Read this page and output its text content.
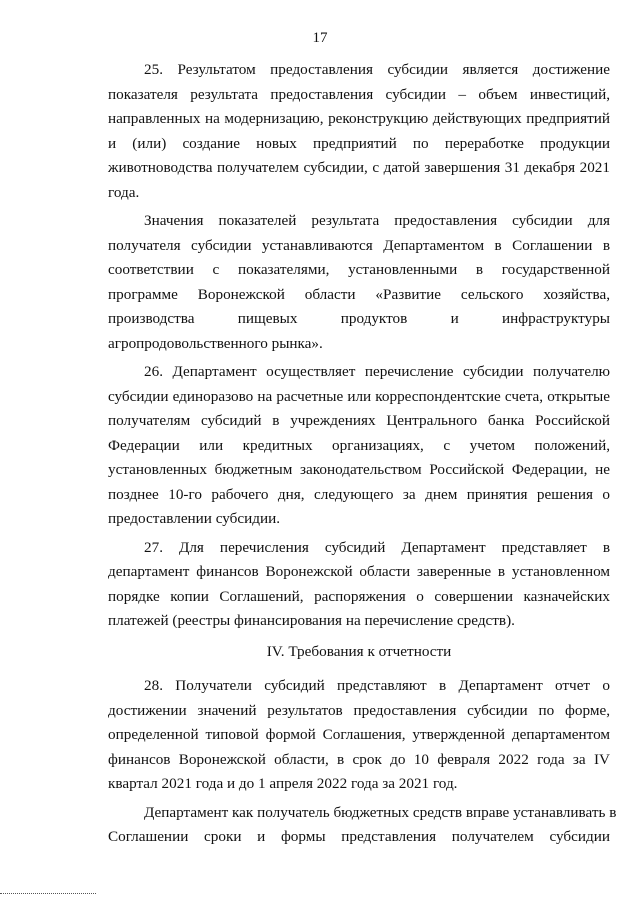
17
25. Результатом предоставления субсидии является достижение
показателя результата предоставления субсидии – объем инвестиций,
направленных на модернизацию, реконструкцию действующих предприятий
и (или) создание новых предприятий по переработке продукции
животноводства получателем субсидии, с датой завершения 31 декабря 2021
года.
Значения показателей результата предоставления субсидии для
получателя субсидии устанавливаются Департаментом в Соглашении в
соответствии с показателями, установленными в государственной
программе Воронежской области «Развитие сельского хозяйства,
производства пищевых продуктов и инфраструктуры
агропродовольственного рынка».
26. Департамент осуществляет перечисление субсидии получателю
субсидии единоразово на расчетные или корреспондентские счета, открытые
получателям субсидий в учреждениях Центрального банка Российской
Федерации или кредитных организациях, с учетом положений,
установленных бюджетным законодательством Российской Федерации, не
позднее 10-го рабочего дня, следующего за днем принятия решения о
предоставлении субсидии.
27. Для перечисления субсидий Департамент представляет в
департамент финансов Воронежской области заверенные в установленном
порядке копии Соглашений, распоряжения о совершении казначейских
платежей (реестры финансирования на перечисление средств).
IV. Требования к отчетности
28. Получатели субсидий представляют в Департамент отчет о
достижении значений результатов предоставления субсидии по форме,
определенной типовой формой Соглашения, утвержденной департаментом
финансов Воронежской области, в срок до 10 февраля 2022 года за IV
квартал 2021 года и до 1 апреля 2022 года за 2021 год.
Департамент как получатель бюджетных средств вправе устанавливать в
Соглашении сроки и формы представления получателем субсидии
